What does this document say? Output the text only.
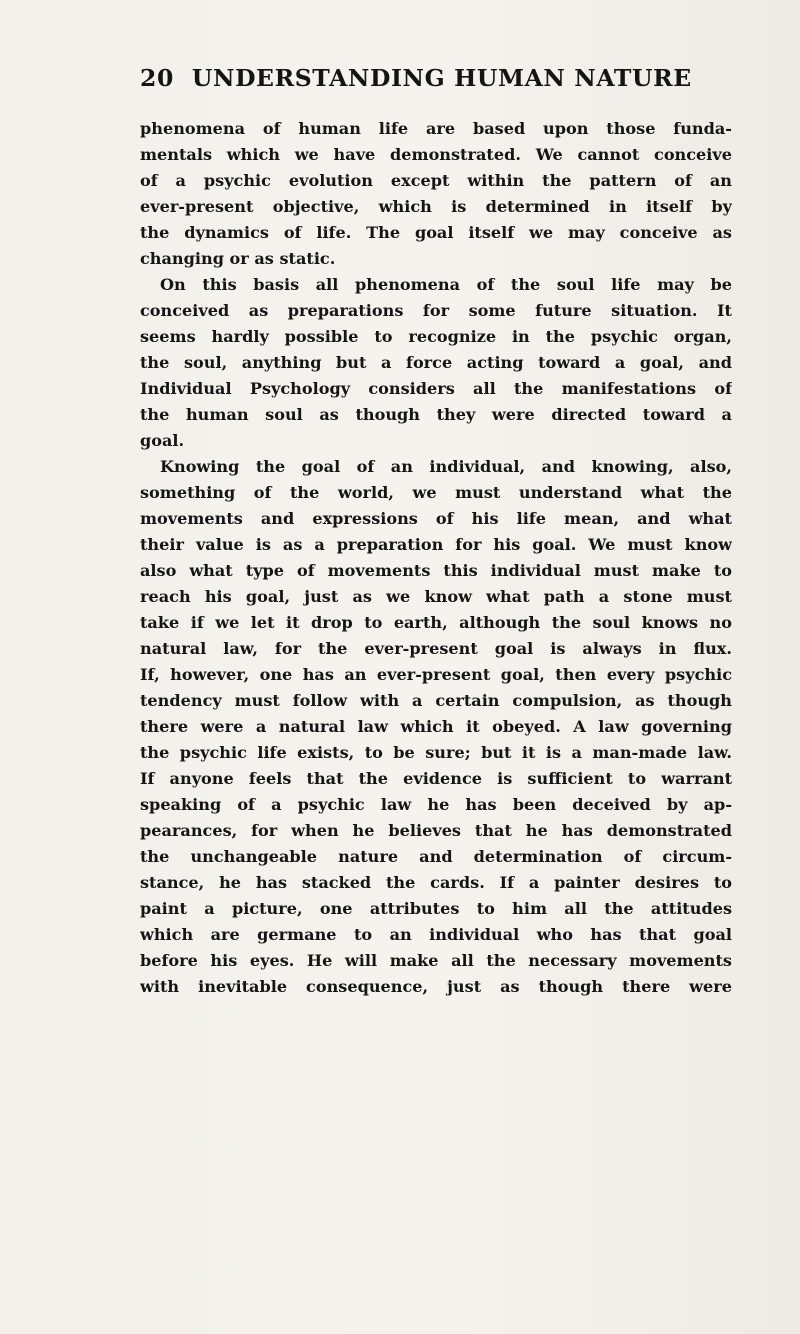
20 UNDERSTANDING HUMAN NATURE
phenomena of human life are based upon those funda-
mentals which we have demonstrated. We cannot conceive
of a psychic evolution except within the pattern of an
ever-present objective, which is determined in itself by
the dynamics of life. The goal itself we may conceive as
changing or as static.
On this basis all phenomena of the soul life may be
conceived as preparations for some future situation. It
seems hardly possible to recognize in the psychic organ,
the soul, anything but a force acting toward a goal, and
Individual Psychology considers all the manifestations of
the human soul as though they were directed toward a
goal.
Knowing the goal of an individual, and knowing, also,
something of the world, we must understand what the
movements and expressions of his life mean, and what
their value is as a preparation for his goal. We must know
also what type of movements this individual must make to
reach his goal, just as we know what path a stone must
take if we let it drop to earth, although the soul knows no
natural law, for the ever-present goal is always in flux.
If, however, one has an ever-present goal, then every psychic
tendency must follow with a certain compulsion, as though
there were a natural law which it obeyed. A law governing
the psychic life exists, to be sure; but it is a man-made law.
If anyone feels that the evidence is sufficient to warrant
speaking of a psychic law he has been deceived by ap-
pearances, for when he believes that he has demonstrated
the unchangeable nature and determination of circum-
stance, he has stacked the cards. If a painter desires to
paint a picture, one attributes to him all the attitudes
which are germane to an individual who has that goal
before his eyes. He will make all the necessary movements
with inevitable consequence, just as though there were
